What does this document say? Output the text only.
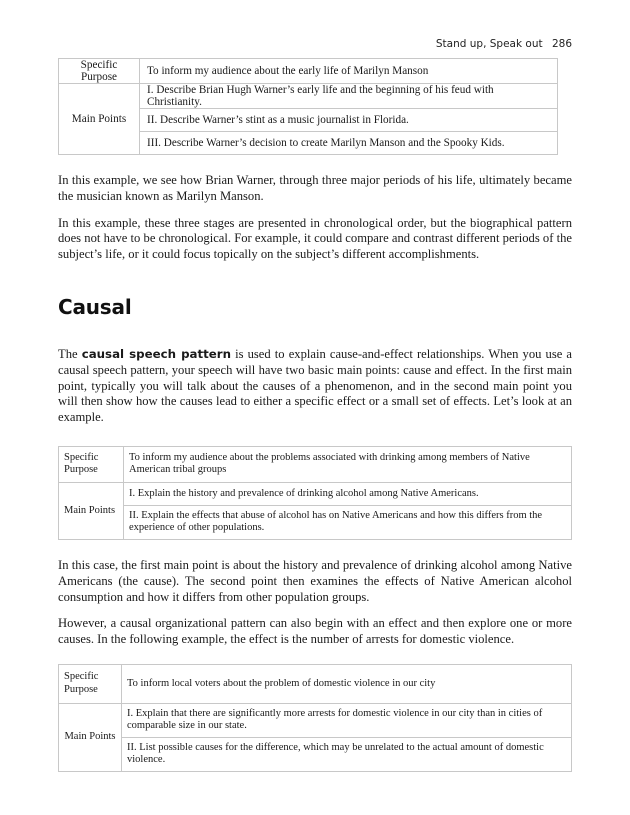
Stand up, Speak out 286
Specific Purpose	To inform my audience about the early life of Marilyn Manson
Main Points	I. Describe Brian Hugh Warner’s early life and the beginning of his feud with Christianity.
	II. Describe Warner’s stint as a music journalist in Florida.
	III. Describe Warner’s decision to create Marilyn Manson and the Spooky Kids.

In this example, we see how Brian Warner, through three major periods of his life, ultimately became the musician known as Marilyn Manson.

In this example, these three stages are presented in chronological order, but the biographical pattern does not have to be chronological. For example, it could compare and contrast different periods of the subject’s life, or it could focus topically on the subject’s different accomplishments.

Causal

The causal speech pattern is used to explain cause-and-effect relationships. When you use a causal speech pattern, your speech will have two basic main points: cause and effect. In the first main point, typically you will talk about the causes of a phenomenon, and in the second main point you will then show how the causes lead to either a specific effect or a small set of effects. Let’s look at an example.

Specific Purpose	To inform my audience about the problems associated with drinking among members of Native American tribal groups
Main Points	I. Explain the history and prevalence of drinking alcohol among Native Americans.
	II. Explain the effects that abuse of alcohol has on Native Americans and how this differs from the experience of other populations.

In this case, the first main point is about the history and prevalence of drinking alcohol among Native Americans (the cause). The second point then examines the effects of Native American alcohol consumption and how it differs from other population groups.

However, a causal organizational pattern can also begin with an effect and then explore one or more causes. In the following example, the effect is the number of arrests for domestic violence.

Specific Purpose	To inform local voters about the problem of domestic violence in our city
Main Points	I. Explain that there are significantly more arrests for domestic violence in our city than in cities of comparable size in our state.
	II. List possible causes for the difference, which may be unrelated to the actual amount of domestic violence.
